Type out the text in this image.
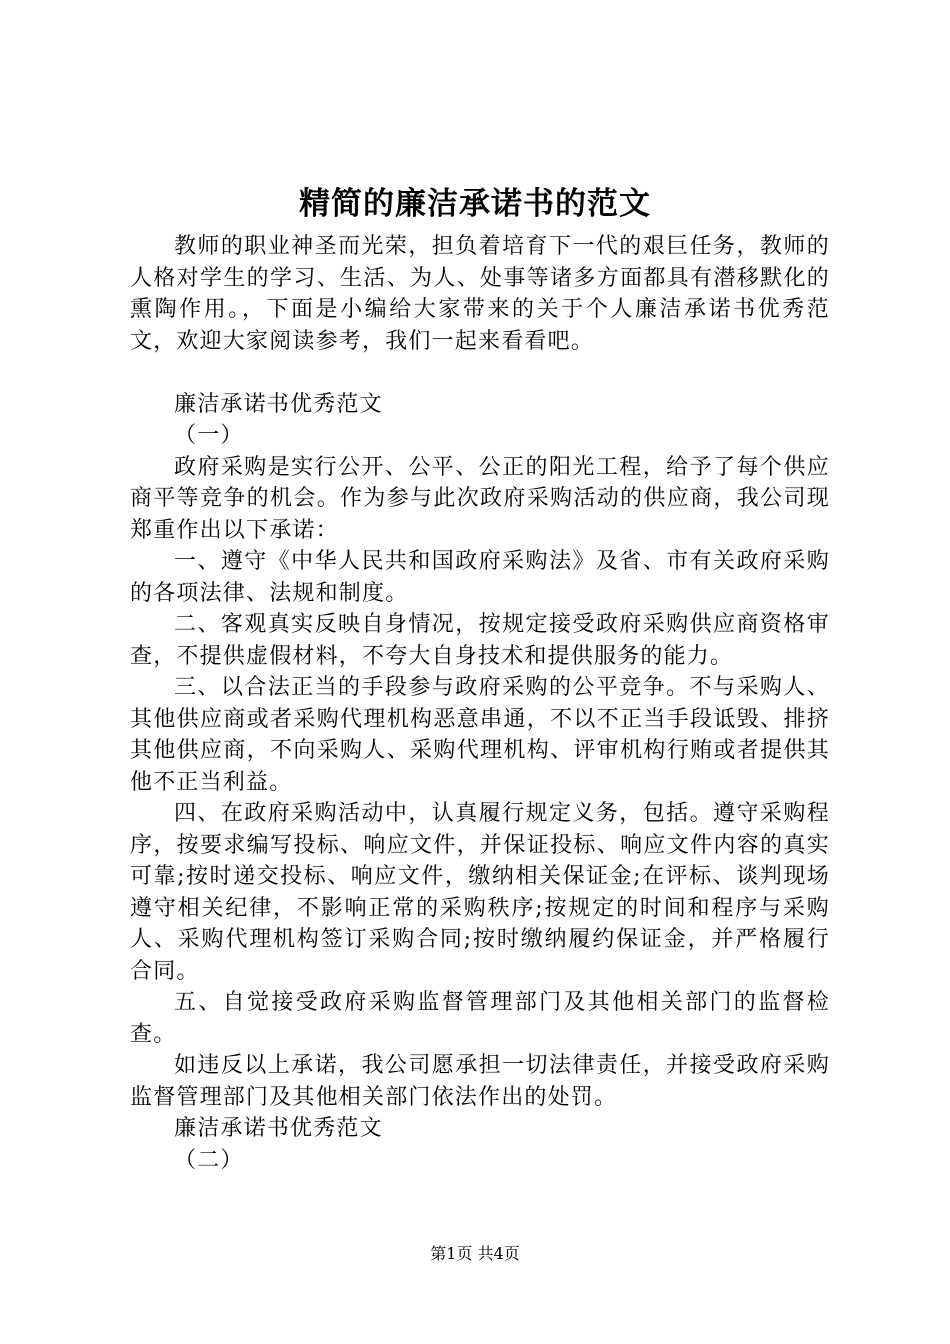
精简的廉洁承诺书的范文

教师的职业神圣而光荣，担负着培育下一代的艰巨任务，教师的人格对学生的学习、生活、为人、处事等诸多方面都具有潜移默化的熏陶作用。，下面是小编给大家带来的关于个人廉洁承诺书优秀范文，欢迎大家阅读参考，我们一起来看看吧。

廉洁承诺书优秀范文

（一）

政府采购是实行公开、公平、公正的阳光工程，给予了每个供应商平等竞争的机会。作为参与此次政府采购活动的供应商，我公司现郑重作出以下承诺：

一、遵守《中华人民共和国政府采购法》及省、市有关政府采购的各项法律、法规和制度。

二、客观真实反映自身情况，按规定接受政府采购供应商资格审查，不提供虚假材料，不夸大自身技术和提供服务的能力。

三、以合法正当的手段参与政府采购的公平竞争。不与采购人、其他供应商或者采购代理机构恶意串通，不以不正当手段诋毁、排挤其他供应商，不向采购人、采购代理机构、评审机构行贿或者提供其他不正当利益。

四、在政府采购活动中，认真履行规定义务，包括。遵守采购程序，按要求编写投标、响应文件，并保证投标、响应文件内容的真实可靠;按时递交投标、响应文件，缴纳相关保证金;在评标、谈判现场遵守相关纪律，不影响正常的采购秩序;按规定的时间和程序与采购人、采购代理机构签订采购合同;按时缴纳履约保证金，并严格履行合同。

五、自觉接受政府采购监督管理部门及其他相关部门的监督检查。

如违反以上承诺，我公司愿承担一切法律责任，并接受政府采购监督管理部门及其他相关部门依法作出的处罚。

廉洁承诺书优秀范文

（二）

第1页 共4页
